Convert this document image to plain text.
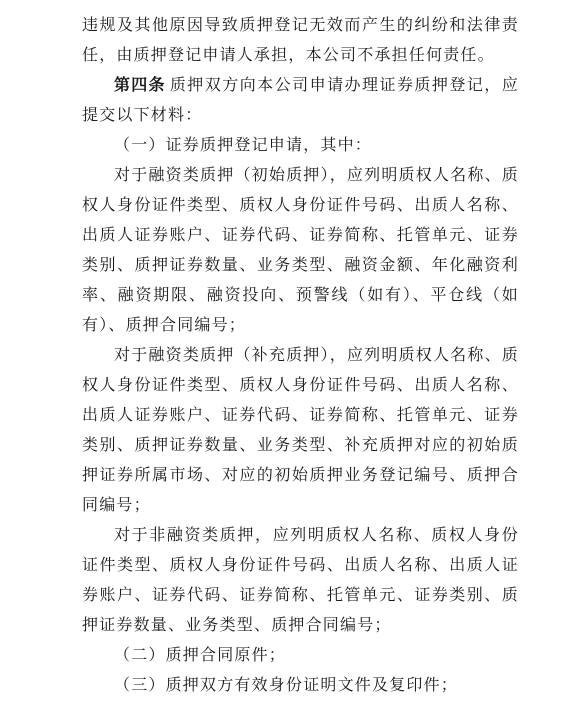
违规及其他原因导致质押登记无效而产生的纠纷和法律责任，由质押登记申请人承担，本公司不承担任何责任。

第四条 质押双方向本公司申请办理证券质押登记，应提交以下材料：

（一）证券质押登记申请，其中：

对于融资类质押（初始质押），应列明质权人名称、质权人身份证件类型、质权人身份证件号码、出质人名称、出质人证券账户、证券代码、证券简称、托管单元、证券类别、质押证券数量、业务类型、融资金额、年化融资利率、融资期限、融资投向、预警线（如有）、平仓线（如有）、质押合同编号；

对于融资类质押（补充质押），应列明质权人名称、质权人身份证件类型、质权人身份证件号码、出质人名称、出质人证券账户、证券代码、证券简称、托管单元、证券类别、质押证券数量、业务类型、补充质押对应的初始质押证券所属市场、对应的初始质押业务登记编号、质押合同编号；

对于非融资类质押，应列明质权人名称、质权人身份证件类型、质权人身份证件号码、出质人名称、出质人证券账户、证券代码、证券简称、托管单元、证券类别、质押证券数量、业务类型、质押合同编号；

（二）质押合同原件；

（三）质押双方有效身份证明文件及复印件；
